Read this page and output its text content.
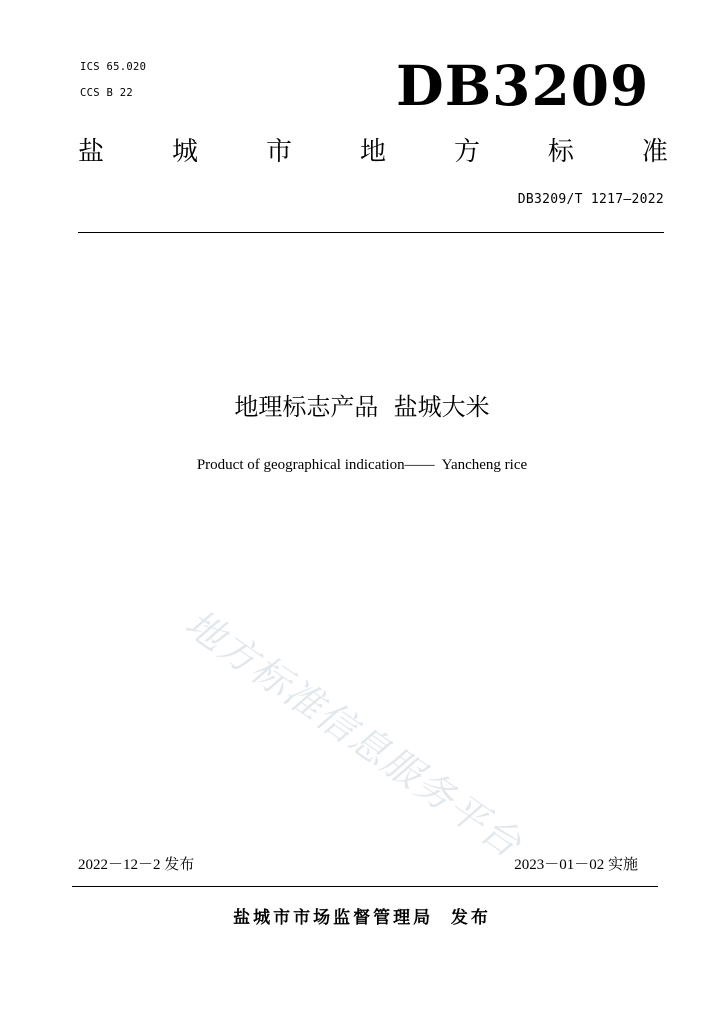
ICS 65.020
CCS B 22	DB3209
盐	城	市	地	方	标	准
DB3209/T 1217—2022
地理标志产品  盐城大米
Product of geographical indication——  Yancheng rice
地方标准信息服务平台
2022－12－2 发布	2023－01－02 实施
盐城市市场监督管理局  发布
